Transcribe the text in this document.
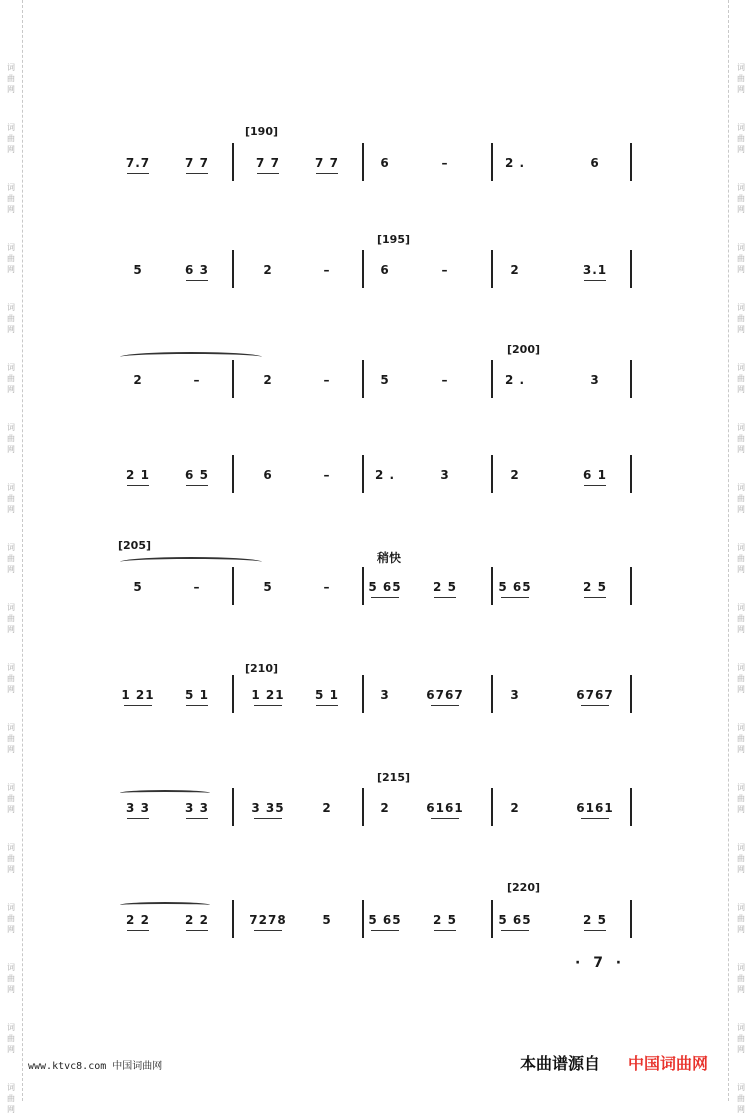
词
曲
网
词
曲
网
词
曲
网
词
曲
网
词
曲
网
词
曲
网
词
曲
网
词
曲
网
词
曲
网
词
曲
网
词
曲
网
词
曲
网
词
曲
网
词
曲
网
词
曲
网
词
曲
网
词
曲
网
词
曲
网
词
曲
网
词
曲
网
词
曲
网
词
曲
网
词
曲
网
词
曲
网
词
曲
网
词
曲
网
词
曲
网
词
曲
网
词
曲
网
词
曲
网
词
曲
网
词
曲
网
词
曲
网
词
曲
网
词
曲
网
词
曲
网
[190]
[195]
[200]
[205]
[210]
[215]
[220]
稍快
7.7	7 7	7 7	7 7	6	–	2 .	6
5	6 3	2	–	6	–	2	3.1
2	–	2	–	5	–	2 .	3
2 1	6 5	6	–	2 .	3	2	6 1
5	–	5	–	5 65	2 5	5 65	2 5
1 21	5 1	1 21	5 1	3	6767	3	6767
3 3	3 3	3 35	2	2	6161	2	6161
2 2	2 2	7278	5	5 65	2 5	5 65	2 5
· 7 ·
www.ktvc8.com 中国词曲网	本曲谱源自 中国词曲网
